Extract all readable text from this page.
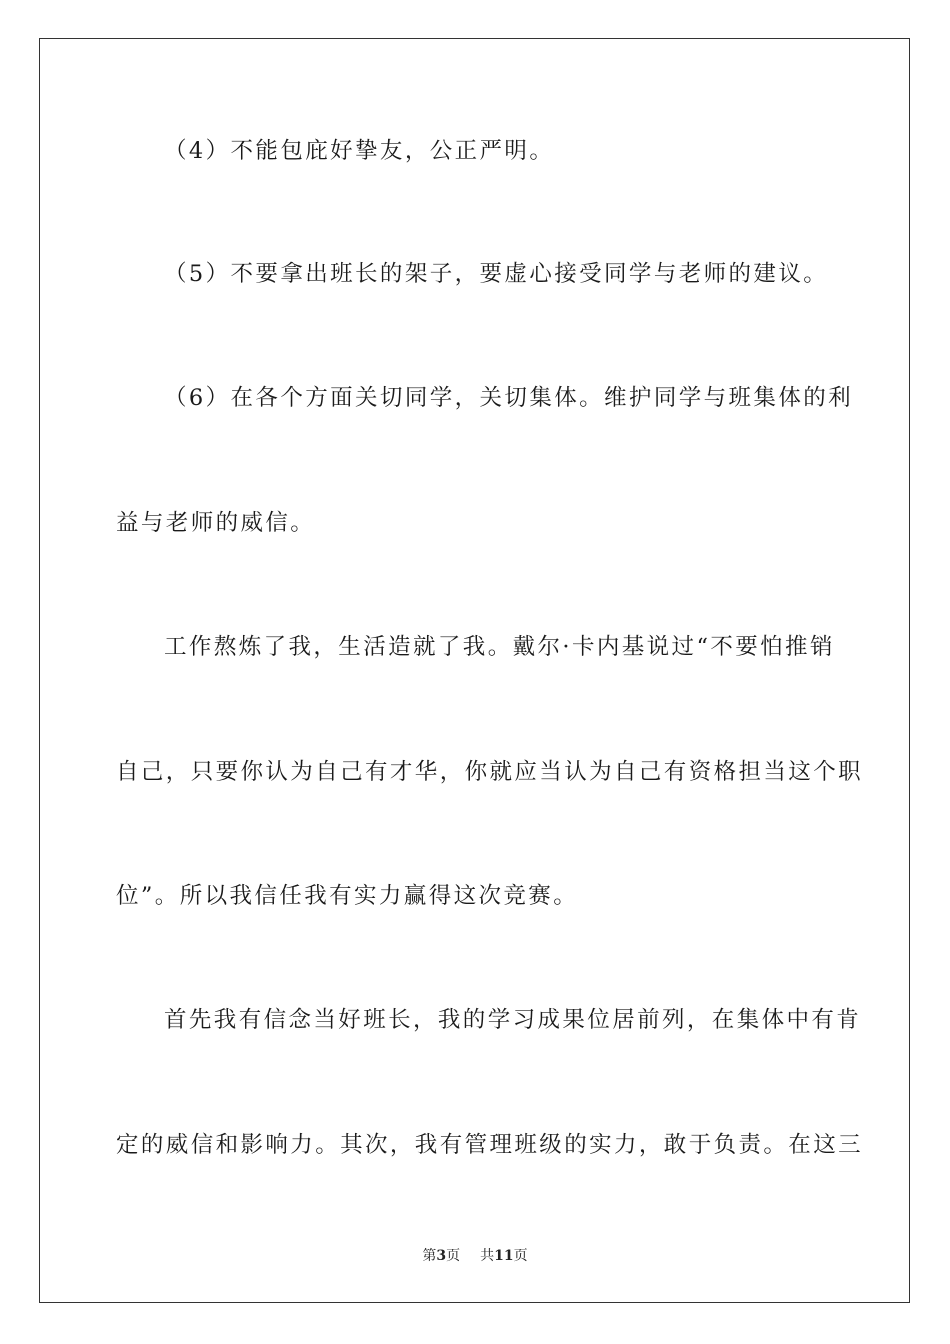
（4）不能包庇好挚友，公正严明。
（5）不要拿出班长的架子，要虚心接受同学与老师的建议。
（6）在各个方面关切同学，关切集体。维护同学与班集体的利
益与老师的威信。
工作熬炼了我，生活造就了我。戴尔·卡内基说过“不要怕推销
自己，只要你认为自己有才华，你就应当认为自己有资格担当这个职
位”。所以我信任我有实力赢得这次竞赛。
首先我有信念当好班长，我的学习成果位居前列，在集体中有肯
定的威信和影响力。其次，我有管理班级的实力，敢于负责。在这三
第3页 共11页
